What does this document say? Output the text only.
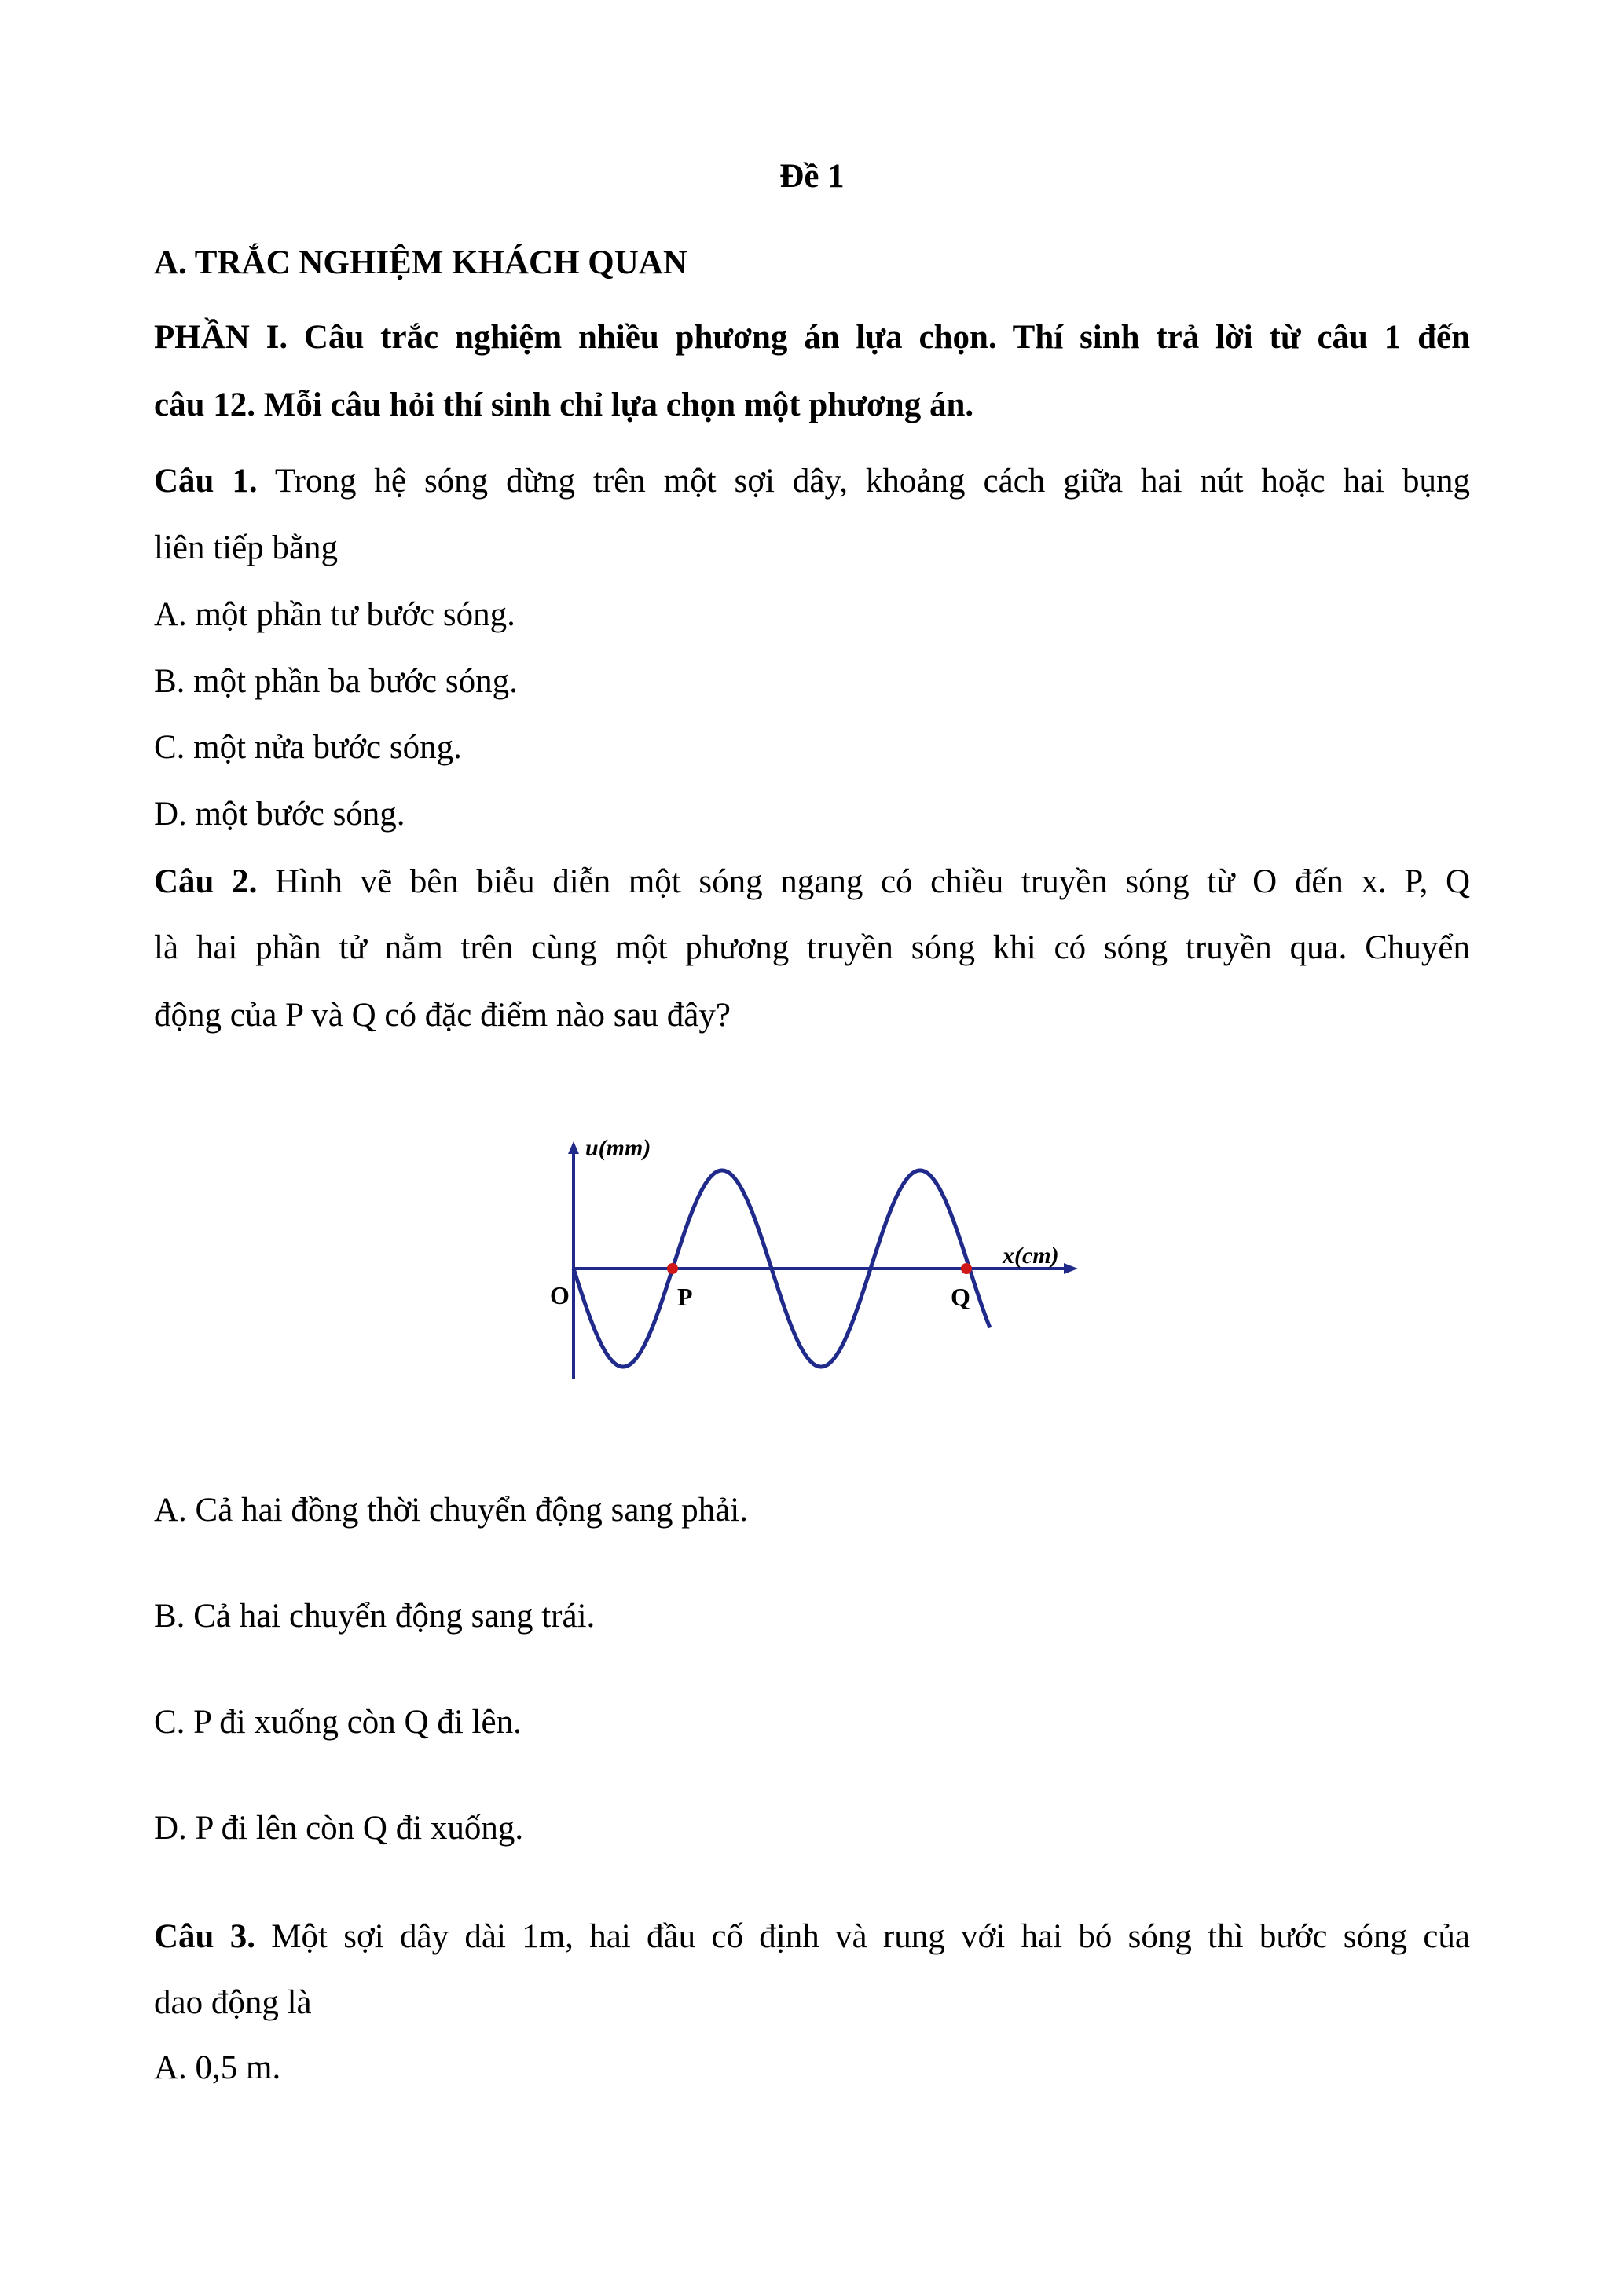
Đề 1
A. TRẮC NGHIỆM KHÁCH QUAN
PHẦN I. Câu trắc nghiệm nhiều phương án lựa chọn. Thí sinh trả lời từ câu 1 đến
câu 12. Mỗi câu hỏi thí sinh chỉ lựa chọn một phương án.
Câu 1. Trong hệ sóng dừng trên một sợi dây, khoảng cách giữa hai nút hoặc hai bụng
liên tiếp bằng
A. một phần tư bước sóng.
B. một phần ba bước sóng.
C. một nửa bước sóng.
D. một bước sóng.
Câu 2. Hình vẽ bên biễu diễn một sóng ngang có chiều truyền sóng từ O đến x. P, Q
là hai phần tử nằm trên cùng một phương truyền sóng khi có sóng truyền qua. Chuyển
động của P và Q có đặc điểm nào sau đây?
u(mm)
x(cm)
O	P	Q
A. Cả hai đồng thời chuyển động sang phải.
B. Cả hai chuyển động sang trái.
C. P đi xuống còn Q đi lên.
D. P đi lên còn Q đi xuống.
Câu 3. Một sợi dây dài 1m, hai đầu cố định và rung với hai bó sóng thì bước sóng của
dao động là
A. 0,5 m.
